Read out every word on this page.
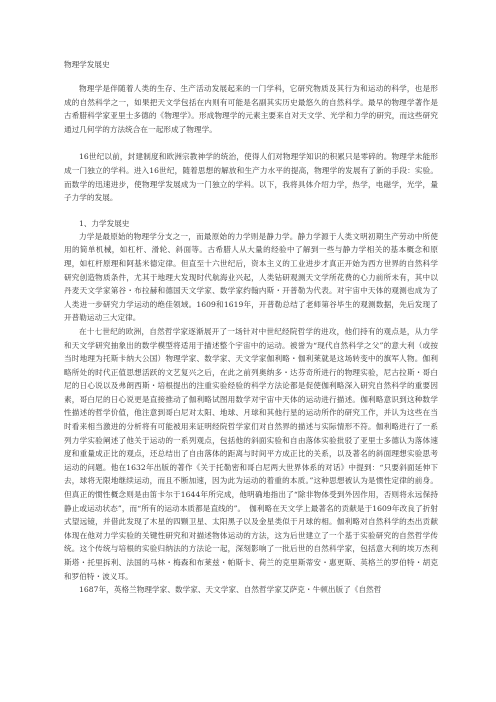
物理学发展史

物理学是伴随着人类的生存、生产活动发展起来的一门学科，它研究物质及其行为和运动的科学，也是形成的自然科学之一，如果把天文学包括在内则有可能是名副其实历史最悠久的自然科学。最早的物理学著作是古希腊科学家亚里士多德的《物理学》。形成物理学的元素主要来自对天文学、光学和力学的研究，而这些研究通过几何学的方法统合在一起形成了物理学。

16世纪以前，封建制度和欧洲宗教神学的统治，使得人们对物理学知识的积累只是零碎的。物理学未能形成一门独立的学科。进入16世纪，随着思想的解放和生产力水平的提高，物理学的发展有了新的手段：实验。而数学的迅速进步，使物理学发展成为一门独立的学科。以下，我将具体介绍力学，热学，电磁学，光学，量子力学的发展。

1、力学发展史

力学是最原始的物理学分支之一，而最原始的力学则是静力学。静力学源于人类文明初期生产劳动中所使用的简单机械，如杠杆、滑轮、斜面等。古希腊人从大量的经验中了解到一些与静力学相关的基本概念和原理，如杠杆原理和阿基米德定律。但直至十六世纪后，资本主义的工业进步才真正开始为西方世界的自然科学研究创造物质条件，尤其于地理大发现时代航海业兴起，人类钻研观测天文学所花费的心力前所未有，其中以丹麦天文学家第谷・布拉赫和德国天文学家、数学家约翰内斯・开普勒为代表。对宇宙中天体的观测也成为了人类进一步研究力学运动的绝佳领域。1609和1619年，开普勒总结了老师第谷毕生的观测数据，先后发现了开普勒运动三大定律。

在十七世纪的欧洲，自然哲学家逐渐展开了一场针对中世纪经院哲学的进攻，他们持有的观点是，从力学和天文学研究抽象出的数学模型将适用于描述整个宇宙中的运动。被誉为“现代自然科学之父”的意大利（或按当时地理为托斯卡纳大公国）物理学家、数学家、天文学家伽利略・伽利莱就是这场转变中的旗军人物。伽利略所处的时代正值思想活跃的文艺复兴之后，在此之前列奥纳多・达芬奇所进行的物理实验，尼古拉斯・哥白尼的日心说以及弗朗西斯・培根提出的注重实验经验的科学方法论都是促使伽利略深入研究自然科学的重要因素，哥白尼的日心说更是直接推动了伽利略试图用数学对宇宙中天体的运动进行描述。伽利略意识到这种数学性描述的哲学价值，他注意到哥白尼对太阳、地球、月球和其他行星的运动所作的研究工作，并认为这些在当时看来相当激进的分析将有可能被用来证明经院哲学家们对自然界的描述与实际情形不符。伽利略进行了一系列力学实验阐述了他关于运动的一系列观点，包括他的斜面实验和自由落体实验批驳了亚里士多德认为落体速度和重量成正比的观点，还总结出了自由落体的距离与时间平方成正比的关系，以及著名的斜面理想实验思考运动的问题。他在1632年出版的著作《关于托勒密和哥白尼两大世界体系的对话》中提到：“只要斜面延伸下去，球将无限地继续运动，而且不断加速，因为此为运动的着重的本质。”这种思想被认为是惯性定律的前身。但真正的惯性概念则是由笛卡尔于1644年所完成，他明确地指出了“除非物体受到外因作用，否则将永远保持静止或运动状态”，而“所有的运动本质都是直线的”。　伽利略在天文学上最著名的贡献是于1609年改良了折射式望远镜，并借此发现了木星的四颗卫星、太阳黑子以及金星类似于月球的相。伽利略对自然科学的杰出贡献体现在他对力学实验的关键性研究和对描述物体运动的方法，这为后世建立了一个基于实验研究的自然哲学传统。这个传统与培根的实验归纳法的方法论一起，深刻影响了一批后世的自然科学家，包括意大利的埃万杰利斯塔・托里拆利、法国的马林・梅森和布莱兹・帕斯卡、荷兰的克里斯蒂安・惠更斯、英格兰的罗伯特・胡克和罗伯特・波义耳。

1687年，英格兰物理学家、数学家、天文学家、自然哲学家艾萨克・牛顿出版了《自然哲
